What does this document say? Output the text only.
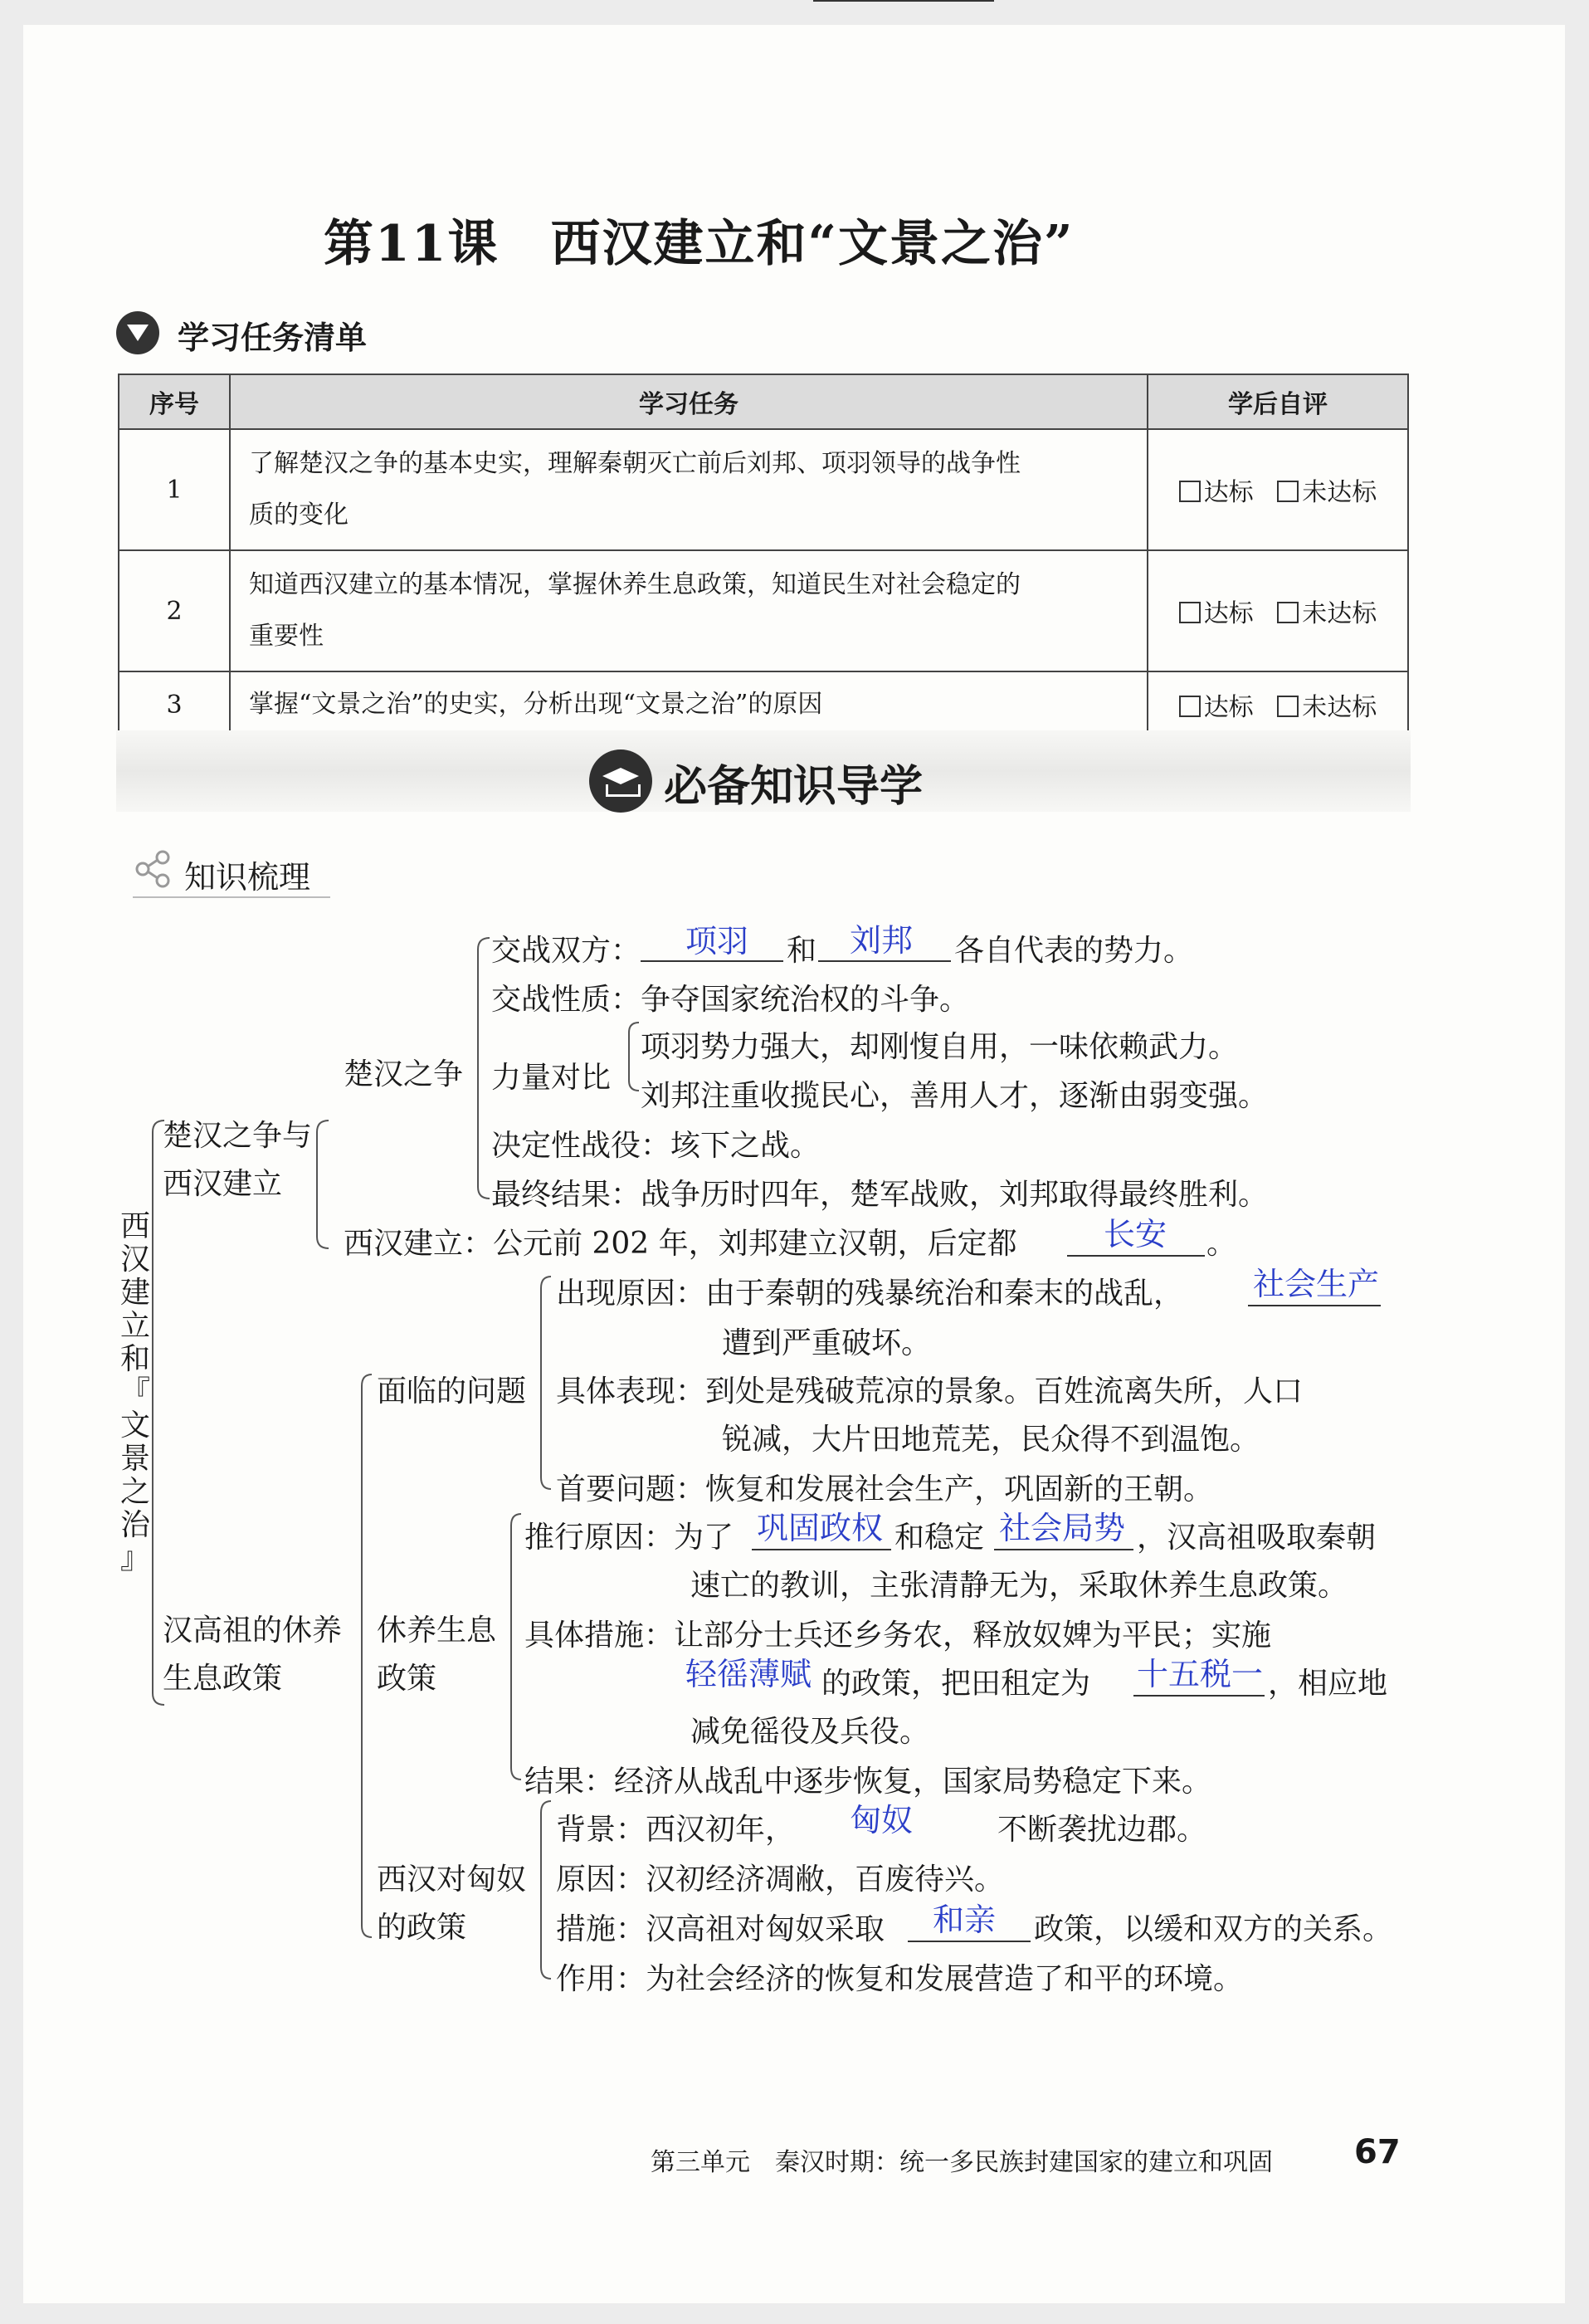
第11课　西汉建立和“文景之治”
学习任务清单
序号	学习任务	学后自评
1	了解楚汉之争的基本史实，理解秦朝灭亡前后刘邦、项羽领导的战争性
质的变化	达标 未达标
2	知道西汉建立的基本情况，掌握休养生息政策，知道民生对社会稳定的
重要性	达标 未达标
3	掌握“文景之治”的史实，分析出现“文景之治”的原因	达标 未达标
必备知识导学
知识梳理
西
汉
建
立
和
『
文
景
之
治
』
楚汉之争与
西汉建立
楚汉之争
交战双方： 项羽 和 刘邦 各自代表的势力。
交战性质：争夺国家统治权的斗争。
力量对比
项羽势力强大，却刚愎自用，一味依赖武力。
刘邦注重收揽民心，善用人才，逐渐由弱变强。
决定性战役：垓下之战。
最终结果：战争历时四年，楚军战败，刘邦取得最终胜利。
西汉建立：公元前 202 年，刘邦建立汉朝，后定都	长安 。
汉高祖的休养
生息政策
面临的问题
出现原因：由于秦朝的残暴统治和秦末的战乱， 社会生产
遭到严重破坏。
具体表现：到处是残破荒凉的景象。百姓流离失所，人口
锐减，大片田地荒芜，民众得不到温饱。
首要问题：恢复和发展社会生产，巩固新的王朝。
休养生息
政策
推行原因：为了 巩固政权 和稳定 社会局势 ，汉高祖吸取秦朝
速亡的教训，主张清静无为，采取休养生息政策。
具体措施：让部分士兵还乡务农，释放奴婢为平民；实施
轻徭薄赋 的政策，把田租定为 十五税一 ，相应地
减免徭役及兵役。
结果：经济从战乱中逐步恢复，国家局势稳定下来。
西汉对匈奴
的政策
背景：西汉初年， 匈奴	不断袭扰边郡。
原因：汉初经济凋敝，百废待兴。
措施：汉高祖对匈奴采取 和亲 政策，以缓和双方的关系。
作用：为社会经济的恢复和发展营造了和平的环境。
第三单元　秦汉时期：统一多民族封建国家的建立和巩固 67
